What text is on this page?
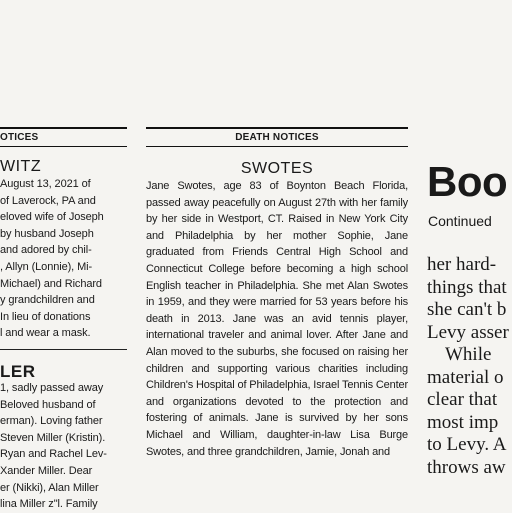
OTICES
WITZ
August 13, 2021 of
of Laverock, PA and
eloved wife of Joseph
by husband Joseph
and adored by chil-
, Allyn (Lonnie), Mi-
Michael) and Richard
y grandchildren and
In lieu of donations
l and wear a mask.
LER
1, sadly passed away
Beloved husband of
erman). Loving father
Steven Miller (Kristin).
Ryan and Rachel Lev-
Xander Miller. Dear
er (Nikki), Alan Miller
lina Miller z"l. Family
DEATH NOTICES
SWOTES

Jane Swotes, age 83 of Boynton Beach Florida, passed away peacefully on August 27th with her family by her side in Westport, CT. Raised in New York City and Philadelphia by her mother Sophie, Jane graduated from Friends Central High School and Connecticut College before becoming a high school English teacher in Philadelphia. She met Alan Swotes in 1959, and they were married for 53 years before his death in 2013. Jane was an avid tennis player, international traveler and animal lover. After Jane and Alan moved to the suburbs, she focused on raising her children and supporting various charities including Children's Hospital of Philadelphia, Israel Tennis Center and organizations devoted to the protection and fostering of animals. Jane is survived by her sons Michael and William, daughter-in-law Lisa Burge Swotes, and three grandchildren, Jamie, Jonah and

Boo
Continued
her hard-
things that
she can't b
Levy asser
While
material o
clear that
most imp
to Levy. A
throws aw
